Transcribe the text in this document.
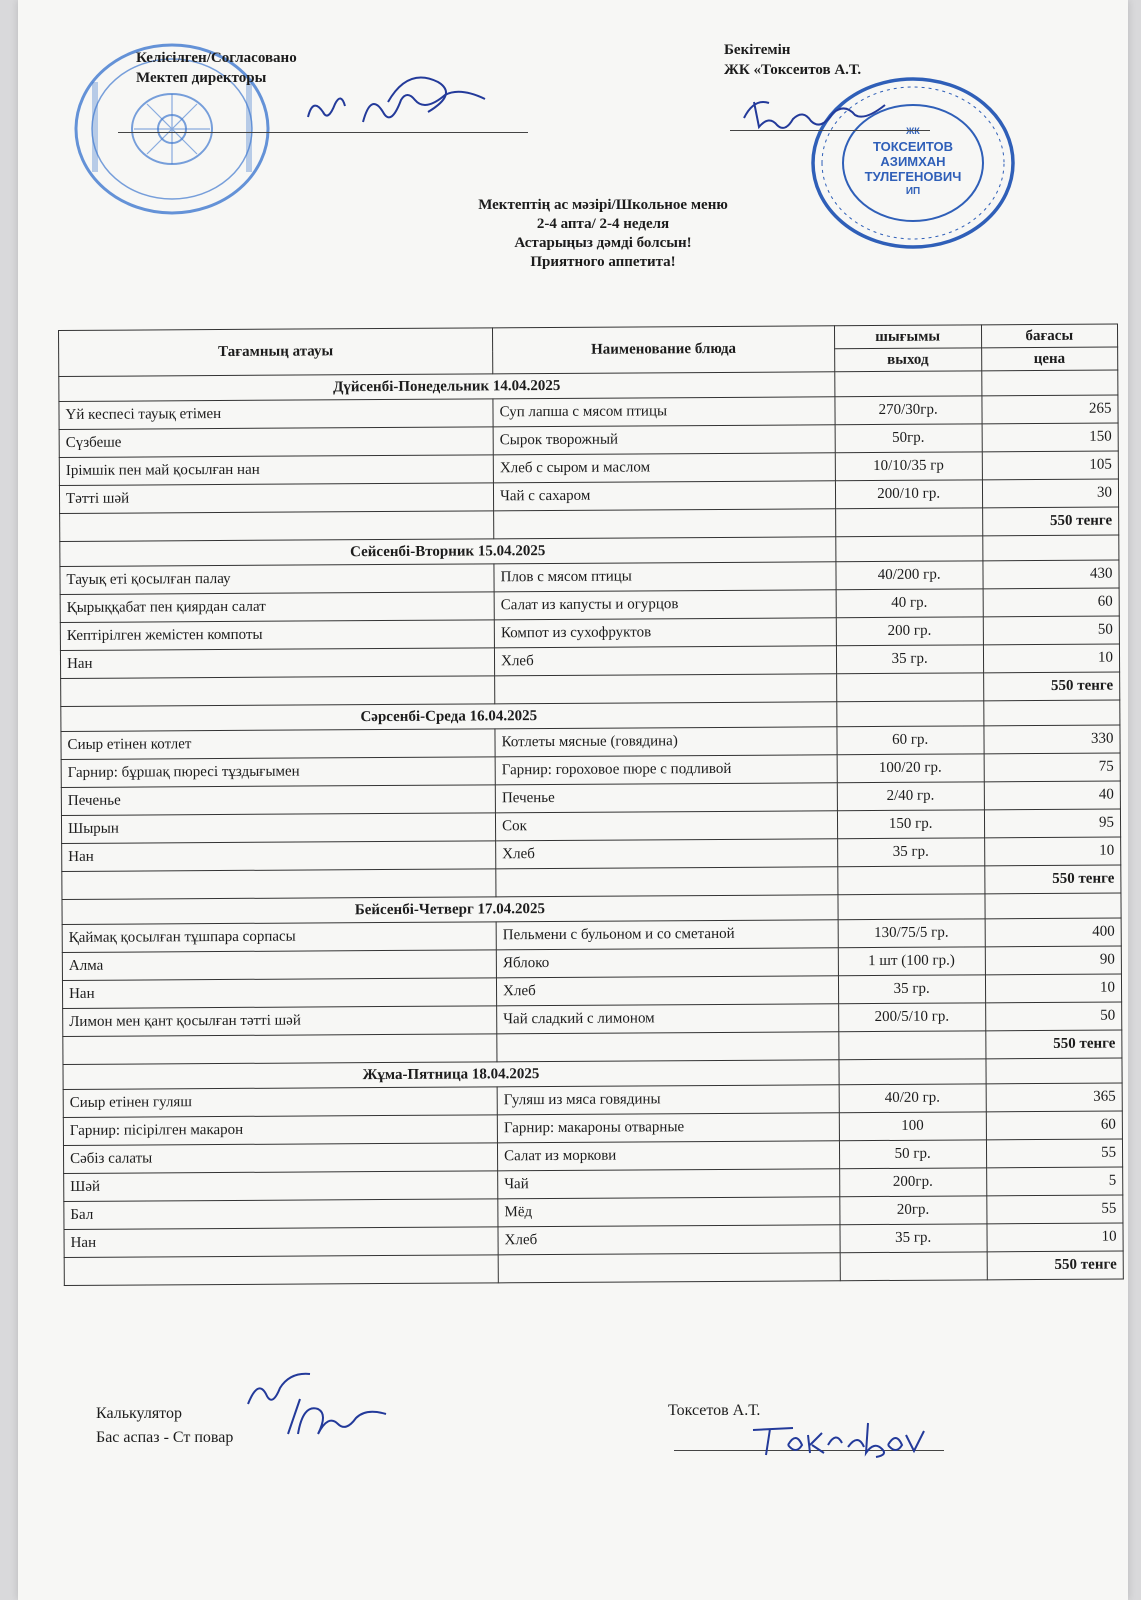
ЖК
ТОКСЕИТОВ
АЗИМХАН
ТУЛЕГЕНОВИЧ
ИП
Келісілген/Согласовано
Мектеп директоры
Бекітемін
ЖК «Токсеитов А.Т.
Мектептің ас мәзірі/Школьное меню
2-4 апта/ 2-4 неделя
Астарыңыз дәмді болсын!
Приятного аппетита!
Тағамның атауы	Наименование блюда	шығымы	бағасы
		выход	цена
Дүйсенбі-Понедельник 14.04.2025			
Үй кеспесі тауық етімен	Суп лапша с мясом птицы	270/30гр.	265
Сүзбеше	Сырок творожный	50гр.	150
Ірімшік пен май қосылған нан	Хлеб с сыром и маслом	10/10/35 гр	105
Тәтті шәй	Чай с сахаром	200/10 гр.	30
			550 тенге
Сейсенбі-Вторник 15.04.2025			
Тауық еті қосылған палау	Плов с мясом птицы	40/200 гр.	430
Қырыққабат пен қиярдан салат	Салат из капусты и огурцов	40 гр.	60
Кептірілген жемістен компоты	Компот из сухофруктов	200 гр.	50
Нан	Хлеб	35 гр.	10
			550 тенге
Сәрсенбі-Среда 16.04.2025			
Сиыр етінен котлет	Котлеты мясные (говядина)	60 гр.	330
Гарнир: бұршақ пюресі тұздығымен	Гарнир: гороховое пюре с подливой	100/20 гр.	75
Печенье	Печенье	2/40 гр.	40
Шырын	Сок	150 гр.	95
Нан	Хлеб	35 гр.	10
			550 тенге
Бейсенбі-Четверг 17.04.2025			
Қаймақ қосылған тұшпара сорпасы	Пельмени с бульоном и со сметаной	130/75/5 гр.	400
Алма	Яблоко	1 шт (100 гр.)	90
Нан	Хлеб	35 гр.	10
Лимон мен қант қосылған тәтті шәй	Чай сладкий с лимоном	200/5/10 гр.	50
			550 тенге
Жұма-Пятница 18.04.2025			
Сиыр етінен гуляш	Гуляш из мяса говядины	40/20 гр.	365
Гарнир: пісірілген макарон	Гарнир: макароны отварные	100	60
Сәбіз салаты	Салат из моркови	50 гр.	55
Шәй	Чай	200гр.	5
Бал	Мёд	20гр.	55
Нан	Хлеб	35 гр.	10
			550 тенге
Калькулятор
Бас аспаз - Ст повар
Токсетов А.Т.
